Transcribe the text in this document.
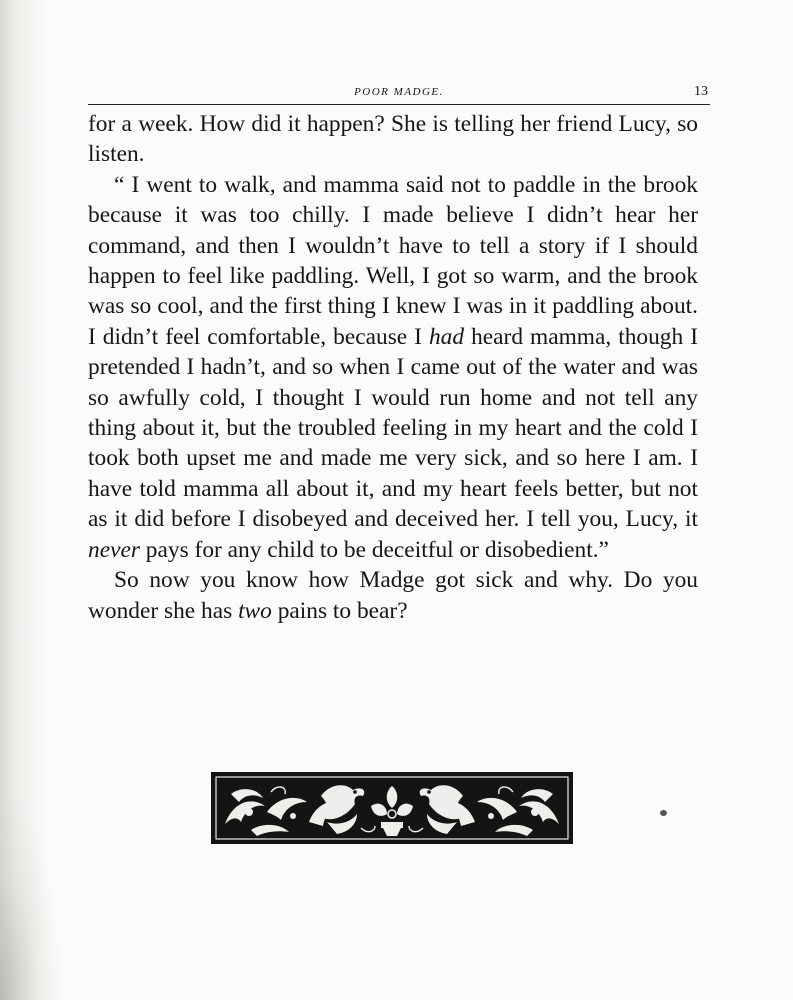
POOR MADGE.	13

for a week. How did it happen? She is telling her friend Lucy, so listen.

“ I went to walk, and mamma said not to paddle in the brook because it was too chilly. I made believe I didn’t hear her command, and then I wouldn’t have to tell a story if I should happen to feel like paddling. Well, I got so warm, and the brook was so cool, and the first thing I knew I was in it paddling about. I didn’t feel comfortable, because I had heard mamma, though I pretended I hadn’t, and so when I came out of the water and was so awfully cold, I thought I would run home and not tell any thing about it, but the troubled feeling in my heart and the cold I took both upset me and made me very sick, and so here I am. I have told mamma all about it, and my heart feels better, but not as it did before I disobeyed and deceived her. I tell you, Lucy, it never pays for any child to be deceitful or disobedient.”

So now you know how Madge got sick and why. Do you wonder she has two pains to bear?
